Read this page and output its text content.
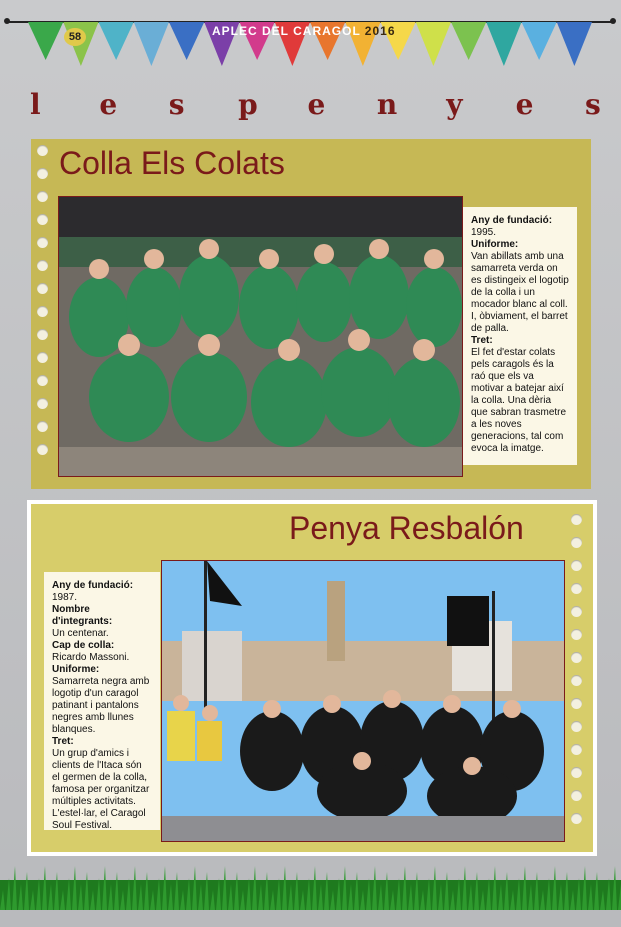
58	APLEC DEL CARAGOL 2016
l e s p e n y e s
Colla Els Colats
Any de fundació:
1995.
Uniforme:
Van abillats amb una samarreta verda on es distingeix el logotip de la colla i un mocador blanc al coll. I, òbviament, el barret de palla.
Tret:
El fet d'estar colats pels caragols és la raó que els va motivar a batejar així la colla. Una dèria que sabran trasmetre a les noves generacions, tal com evoca la imatge.
Penya Resbalón
Any de fundació:
1987.
Nombre d'integrants:
Un centenar.
Cap de colla:
Ricardo Massoni.
Uniforme:
Samarreta negra amb logotip d'un caragol patinant i pantalons negres amb llunes blanques.
Tret:
Un grup d'amics i clients de l'Itaca són el germen de la colla, famosa per organitzar múltiples activitats. L'estel·lar, el Caragol Soul Festival.
